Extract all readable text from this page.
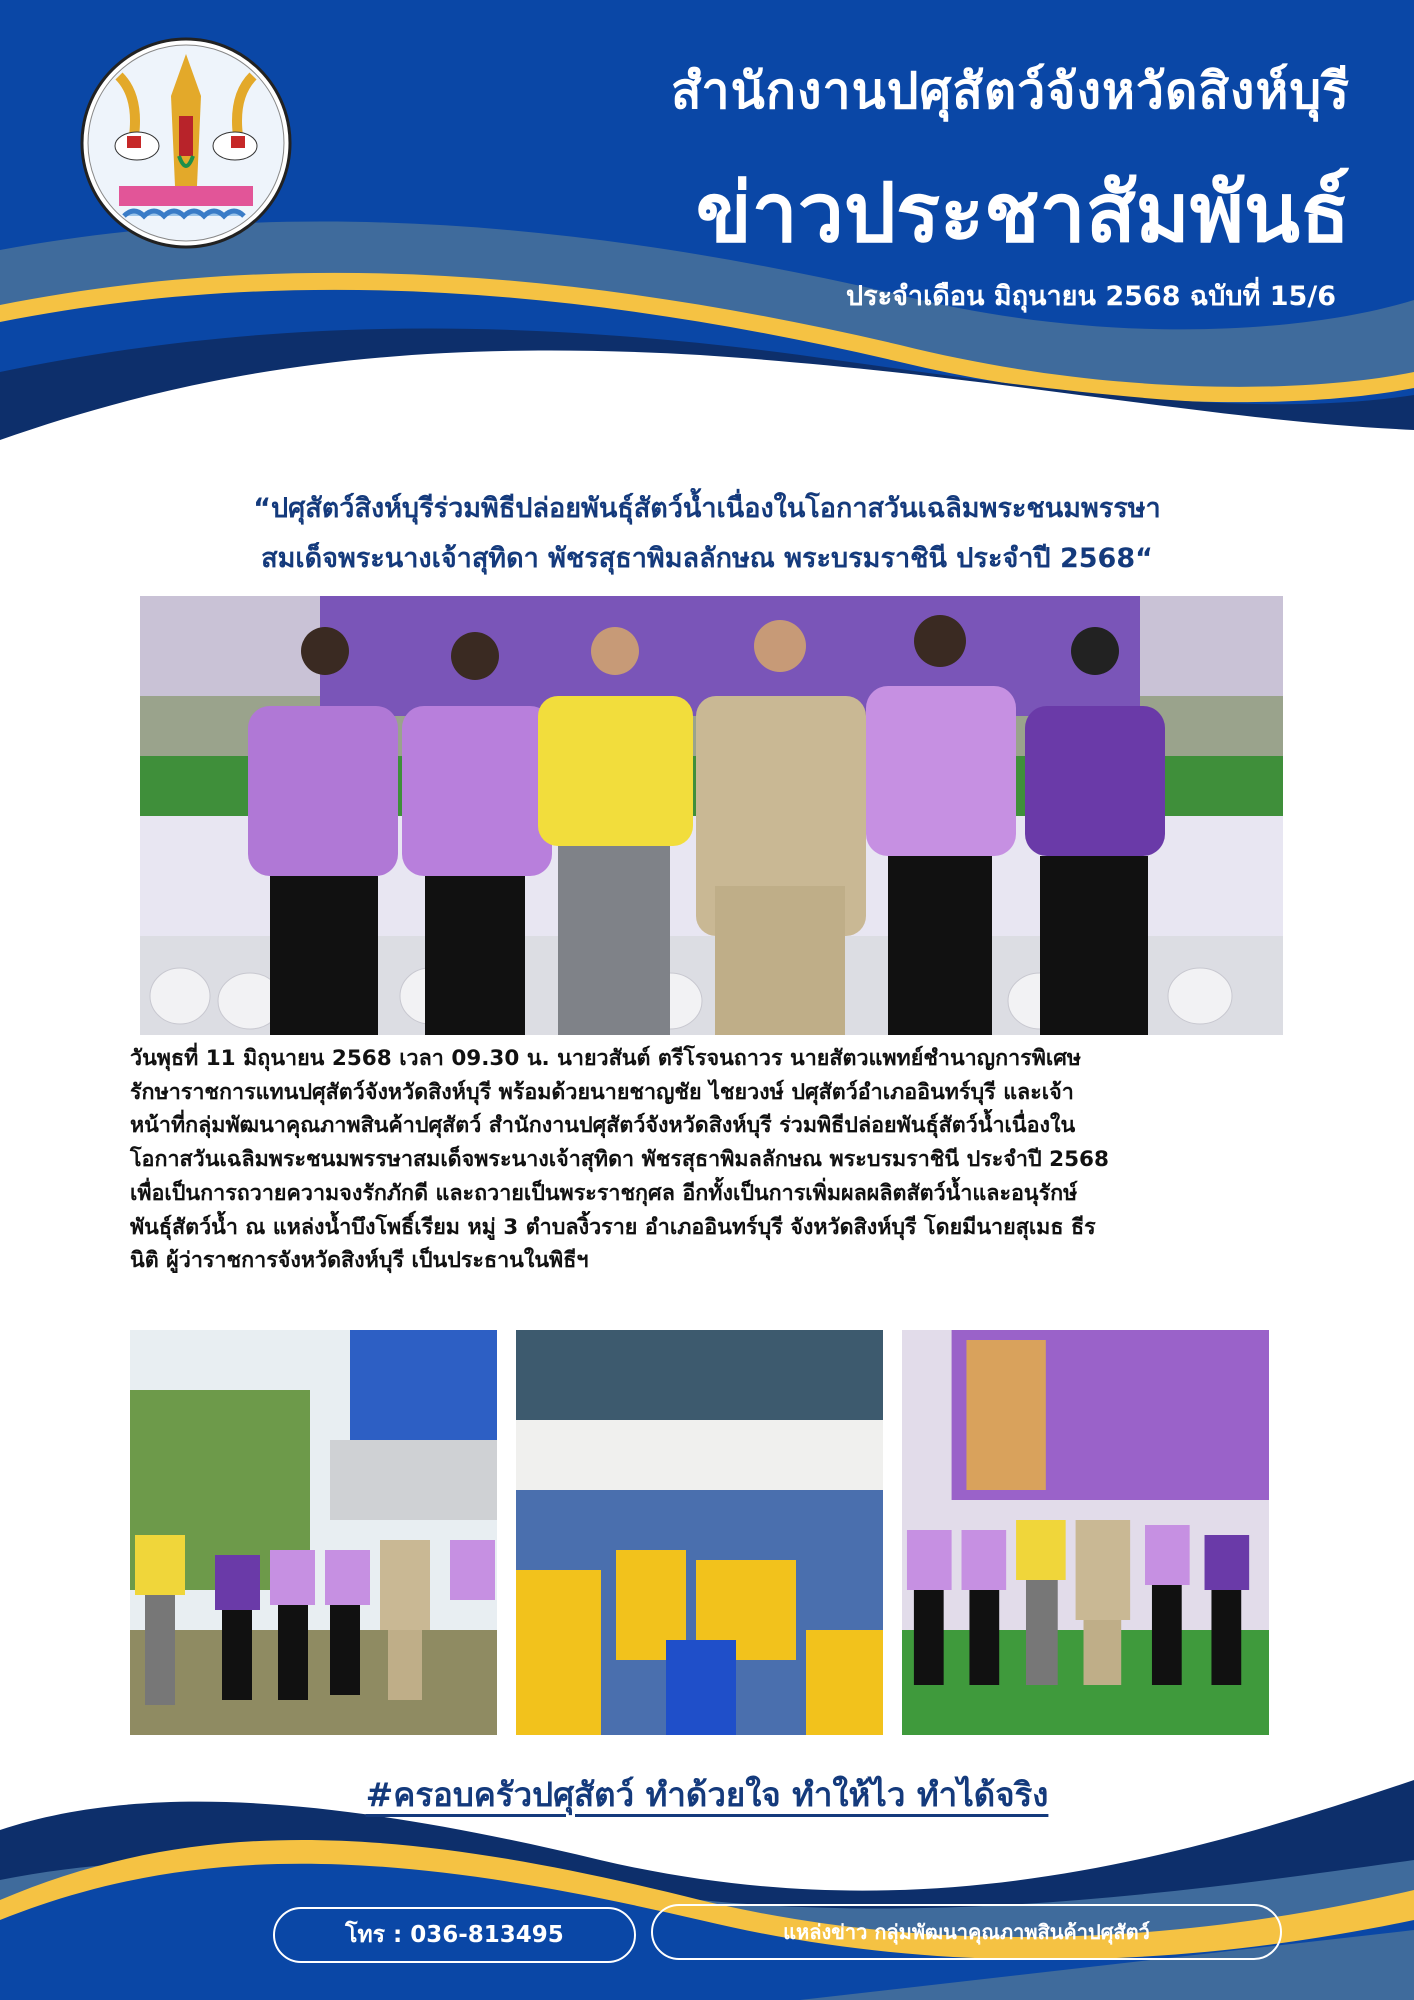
สำนักงานปศุสัตว์จังหวัดสิงห์บุรี
ข่าวประชาสัมพันธ์
ประจำเดือน มิถุนายน 2568 ฉบับที่ 15/6
“ปศุสัตว์สิงห์บุรีร่วมพิธีปล่อยพันธุ์สัตว์น้ำเนื่องในโอกาสวันเฉลิมพระชนมพรรษา
สมเด็จพระนางเจ้าสุทิดา พัชรสุธาพิมลลักษณ พระบรมราชินี ประจำปี 2568“
วันพุธที่ 11 มิถุนายน 2568 เวลา 09.30 น. นายวสันต์ ตรีโรจนถาวร นายสัตวแพทย์ชำนาญการพิเศษ
รักษาราชการแทนปศุสัตว์จังหวัดสิงห์บุรี พร้อมด้วยนายชาญชัย ไชยวงษ์ ปศุสัตว์อำเภออินทร์บุรี และเจ้า
หน้าที่กลุ่มพัฒนาคุณภาพสินค้าปศุสัตว์ สำนักงานปศุสัตว์จังหวัดสิงห์บุรี ร่วมพิธีปล่อยพันธุ์สัตว์น้ำเนื่องใน
โอกาสวันเฉลิมพระชนมพรรษาสมเด็จพระนางเจ้าสุทิดา พัชรสุธาพิมลลักษณ พระบรมราชินี ประจำปี 2568
เพื่อเป็นการถวายความจงรักภักดี และถวายเป็นพระราชกุศล อีกทั้งเป็นการเพิ่มผลผลิตสัตว์น้ำและอนุรักษ์
พันธุ์สัตว์น้ำ ณ แหล่งน้ำบึงโพธิ์เรียม หมู่ 3 ตำบลงิ้วราย อำเภออินทร์บุรี จังหวัดสิงห์บุรี โดยมีนายสุเมธ ธีร
นิติ ผู้ว่าราชการจังหวัดสิงห์บุรี เป็นประธานในพิธีฯ
#ครอบครัวปศุสัตว์ ทำด้วยใจ ทำให้ไว ทำได้จริง
โทร : 036-813495	แหล่งข่าว กลุ่มพัฒนาคุณภาพสินค้าปศุสัตว์
